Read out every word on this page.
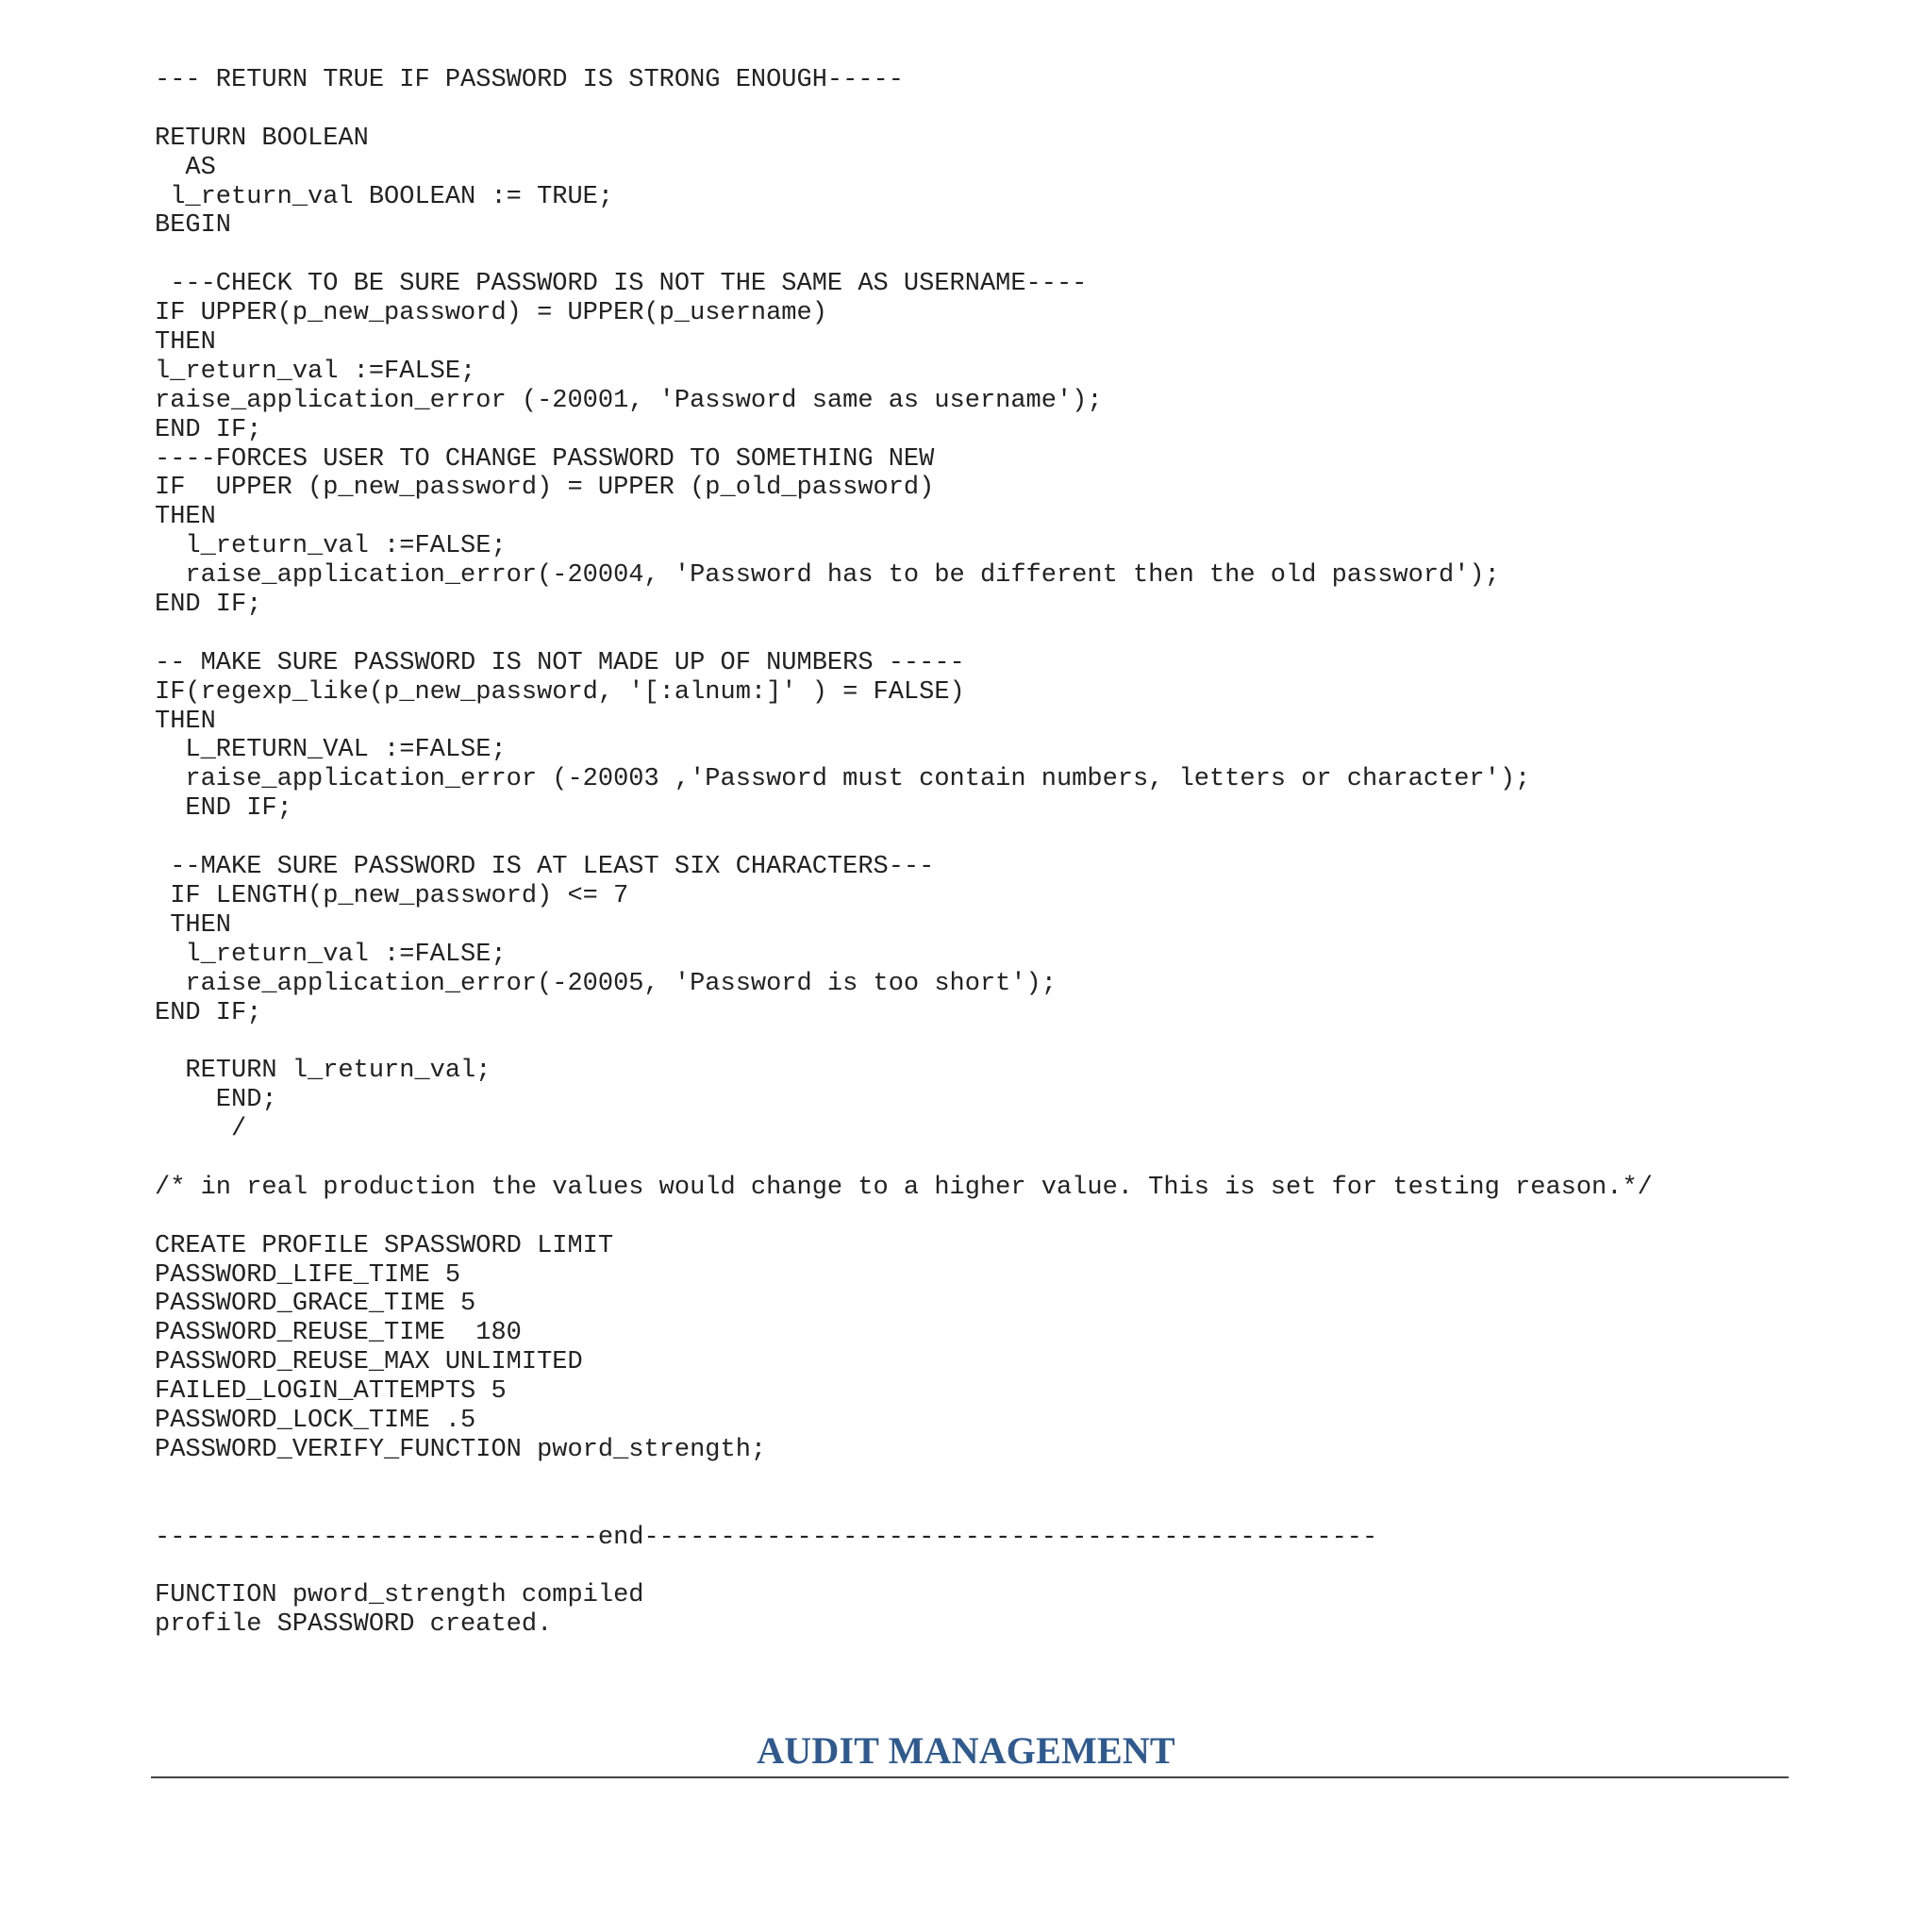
--- RETURN TRUE IF PASSWORD IS STRONG ENOUGH-----
RETURN BOOLEAN
AS
l_return_val BOOLEAN := TRUE;
BEGIN
---CHECK TO BE SURE PASSWORD IS NOT THE SAME AS USERNAME----
IF UPPER(p_new_password) = UPPER(p_username)
THEN
l_return_val :=FALSE;
raise_application_error (-20001, 'Password same as username');
END IF;
----FORCES USER TO CHANGE PASSWORD TO SOMETHING NEW
IF  UPPER (p_new_password) = UPPER (p_old_password)
THEN
l_return_val :=FALSE;
raise_application_error(-20004, 'Password has to be different then the old password');
END IF;
-- MAKE SURE PASSWORD IS NOT MADE UP OF NUMBERS -----
IF(regexp_like(p_new_password, '[:alnum:]' ) = FALSE)
THEN
L_RETURN_VAL :=FALSE;
raise_application_error (-20003 ,'Password must contain numbers, letters or character');
END IF;
--MAKE SURE PASSWORD IS AT LEAST SIX CHARACTERS---
IF LENGTH(p_new_password) <= 7
THEN
l_return_val :=FALSE;
raise_application_error(-20005, 'Password is too short');
END IF;
RETURN l_return_val;
END;
/
/* in real production the values would change to a higher value. This is set for testing reason.*/
CREATE PROFILE SPASSWORD LIMIT
PASSWORD_LIFE_TIME 5
PASSWORD_GRACE_TIME 5
PASSWORD_REUSE_TIME  180
PASSWORD_REUSE_MAX UNLIMITED
FAILED_LOGIN_ATTEMPTS 5
PASSWORD_LOCK_TIME .5
PASSWORD_VERIFY_FUNCTION pword_strength;
-----------------------------end------------------------------------------------
FUNCTION pword_strength compiled
profile SPASSWORD created.
AUDIT MANAGEMENT
